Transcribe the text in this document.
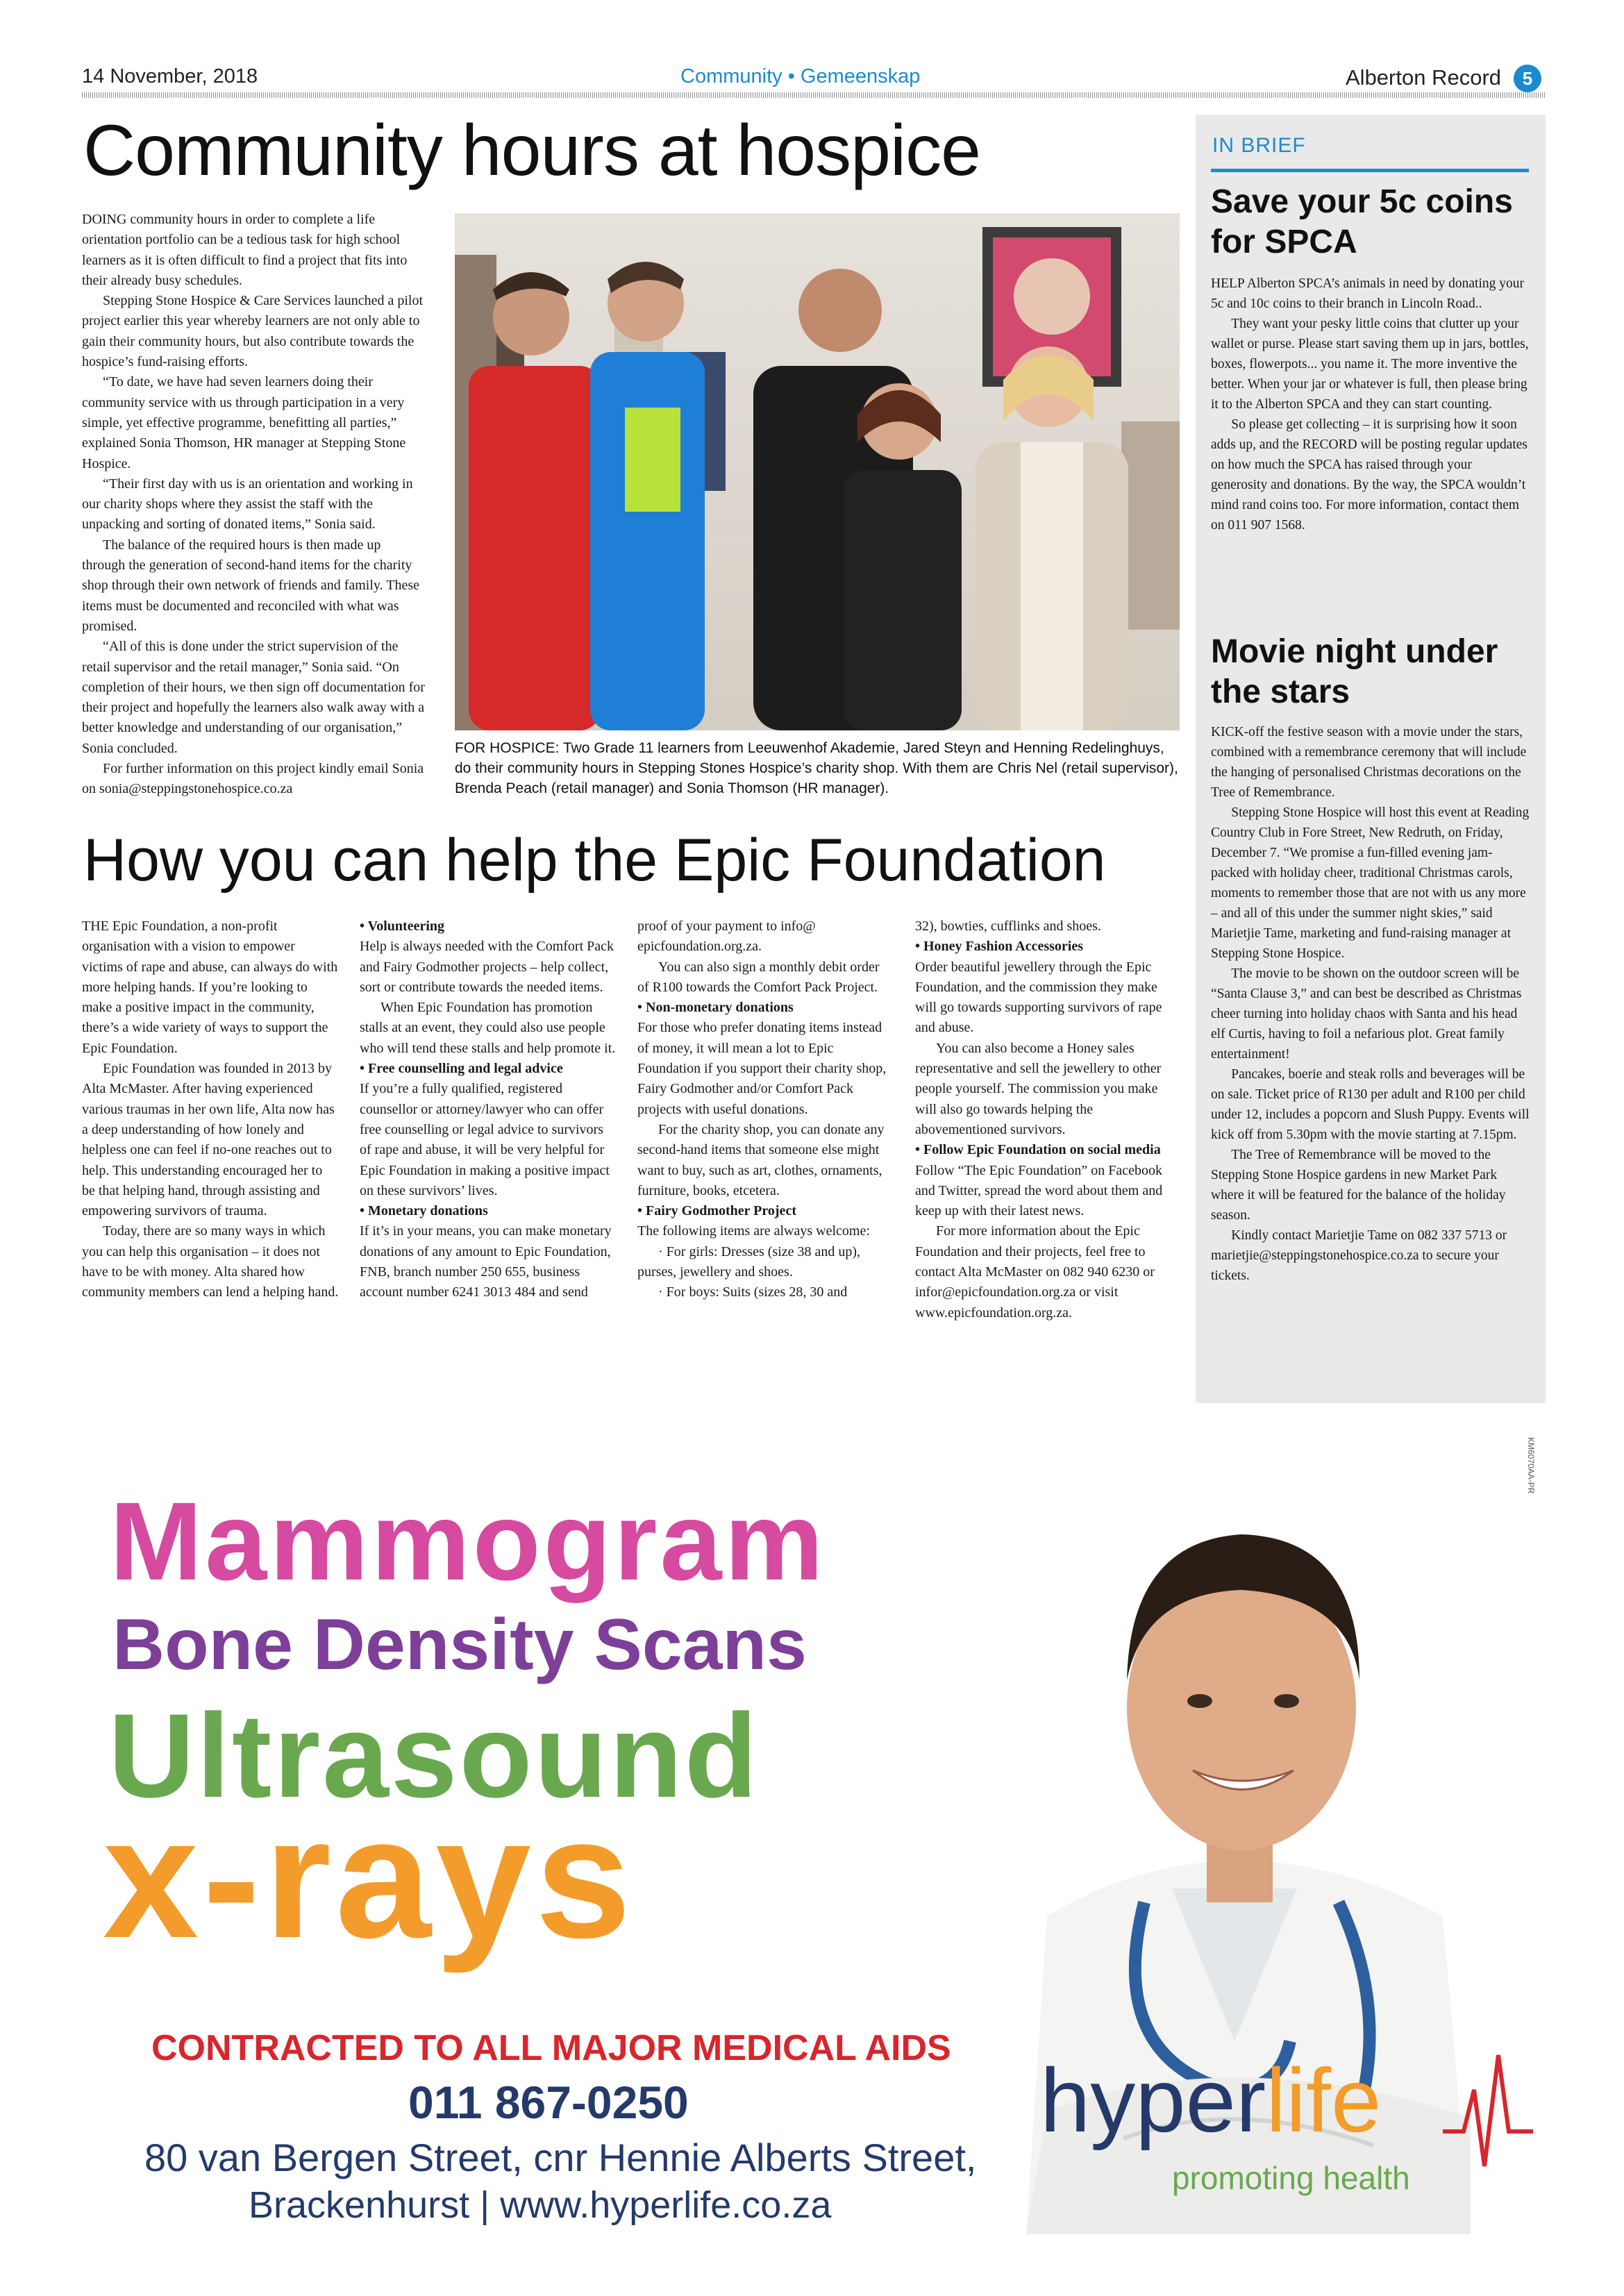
14 November, 2018	Community • Gemeenskap	Alberton Record	5
Community hours at hospice

DOING community hours in order to complete a life orientation portfolio can be a tedious task for high school learners as it is often difficult to find a project that fits into their already busy schedules.

Stepping Stone Hospice & Care Services launched a pilot project earlier this year whereby learners are not only able to gain their community hours, but also contribute towards the hospice’s fund-raising efforts.

“To date, we have had seven learners doing their community service with us through participation in a very simple, yet effective programme, benefitting all parties,” explained Sonia Thomson, HR manager at Stepping Stone Hospice.

“Their first day with us is an orientation and working in our charity shops where they assist the staff with the unpacking and sorting of donated items,” Sonia said.

The balance of the required hours is then made up through the generation of second-hand items for the charity shop through their own network of friends and family. These items must be documented and reconciled with what was promised.

“All of this is done under the strict supervision of the retail supervisor and the retail manager,” Sonia said. “On completion of their hours, we then sign off documentation for their project and hopefully the learners also walk away with a better knowledge and understanding of our organisation,” Sonia concluded.

For further information on this project kindly email Sonia on sonia@steppingstonehospice.co.za

FOR HOSPICE: Two Grade 11 learners from Leeuwenhof Akademie, Jared Steyn and Henning Redelinghuys, do their community hours in Stepping Stones Hospice’s charity shop. With them are Chris Nel (retail supervisor), Brenda Peach (retail manager) and Sonia Thomson (HR manager).
How you can help the Epic Foundation

THE Epic Foundation, a non-profit organisation with a vision to empower victims of rape and abuse, can always do with more helping hands. If you’re looking to make a positive impact in the community, there’s a wide variety of ways to support the Epic Foundation.

Epic Foundation was founded in 2013 by Alta McMaster. After having experienced various traumas in her own life, Alta now has a deep understanding of how lonely and helpless one can feel if no-one reaches out to help. This understanding encouraged her to be that helping hand, through assisting and empowering survivors of trauma.

Today, there are so many ways in which you can help this organisation – it does not have to be with money. Alta shared how community members can lend a helping hand.

• Volunteering

Help is always needed with the Comfort Pack and Fairy Godmother projects – help collect, sort or contribute towards the needed items.

When Epic Foundation has promotion stalls at an event, they could also use people who will tend these stalls and help promote it.

• Free counselling and legal advice

If you’re a fully qualified, registered counsellor or attorney/lawyer who can offer free counselling or legal advice to survivors of rape and abuse, it will be very helpful for Epic Foundation in making a positive impact on these survivors’ lives.

• Monetary donations

If it’s in your means, you can make monetary donations of any amount to Epic Foundation, FNB, branch number 250 655, business account number 6241 3013 484 and send

proof of your payment to info@ epicfoundation.org.za.

You can also sign a monthly debit order of R100 towards the Comfort Pack Project.

• Non-monetary donations

For those who prefer donating items instead of money, it will mean a lot to Epic Foundation if you support their charity shop, Fairy Godmother and/or Comfort Pack projects with useful donations.

For the charity shop, you can donate any second-hand items that someone else might want to buy, such as art, clothes, ornaments, furniture, books, etcetera.

• Fairy Godmother Project

The following items are always welcome:

· For girls: Dresses (size 38 and up), purses, jewellery and shoes.

· For boys: Suits (sizes 28, 30 and

32), bowties, cufflinks and shoes.

• Honey Fashion Accessories

Order beautiful jewellery through the Epic Foundation, and the commission they make will go towards supporting survivors of rape and abuse.

You can also become a Honey sales representative and sell the jewellery to other people yourself. The commission you make will also go towards helping the abovementioned survivors.

• Follow Epic Foundation on social media

Follow “The Epic Foundation” on Facebook and Twitter, spread the word about them and keep up with their latest news.

For more information about the Epic Foundation and their projects, feel free to contact Alta McMaster on 082 940 6230 or infor@epicfoundation.org.za or visit www.epicfoundation.org.za.

IN BRIEF
Save your 5c coins for SPCA

HELP Alberton SPCA’s animals in need by donating your 5c and 10c coins to their branch in Lincoln Road..

They want your pesky little coins that clutter up your wallet or purse. Please start saving them up in jars, bottles, boxes, flowerpots... you name it. The more inventive the better. When your jar or whatever is full, then please bring it to the Alberton SPCA and they can start counting.

So please get collecting – it is surprising how it soon adds up, and the RECORD will be posting regular updates on how much the SPCA has raised through your generosity and donations. By the way, the SPCA wouldn’t mind rand coins too. For more information, contact them on 011 907 1568.

Movie night under the stars

KICK-off the festive season with a movie under the stars, combined with a remembrance ceremony that will include the hanging of personalised Christmas decorations on the Tree of Remembrance.

Stepping Stone Hospice will host this event at Reading Country Club in Fore Street, New Redruth, on Friday, December 7. “We promise a fun-filled evening jam-packed with holiday cheer, traditional Christmas carols, moments to remember those that are not with us any more – and all of this under the summer night skies,” said Marietjie Tame, marketing and fund-raising manager at Stepping Stone Hospice.

The movie to be shown on the outdoor screen will be “Santa Clause 3,” and can best be described as Christmas cheer turning into holiday chaos with Santa and his head elf Curtis, having to foil a nefarious plot. Great family entertainment!

Pancakes, boerie and steak rolls and beverages will be on sale. Ticket price of R130 per adult and R100 per child under 12, includes a popcorn and Slush Puppy. Events will kick off from 5.30pm with the movie starting at 7.15pm.

The Tree of Remembrance will be moved to the Stepping Stone Hospice gardens in new Market Park where it will be featured for the balance of the holiday season.

Kindly contact Marietjie Tame on 082 337 5713 or marietjie@steppingstonehospice.co.za to secure your tickets.

Mammogram
Bone Density Scans
Ultrasound
x-rays
CONTRACTED TO ALL MAJOR MEDICAL AIDS
011 867-0250
80 van Bergen Street, cnr Hennie Alberts Street,
Brackenhurst | www.hyperlife.co.za
hyperlife
promoting health
KM6070AA-PR
